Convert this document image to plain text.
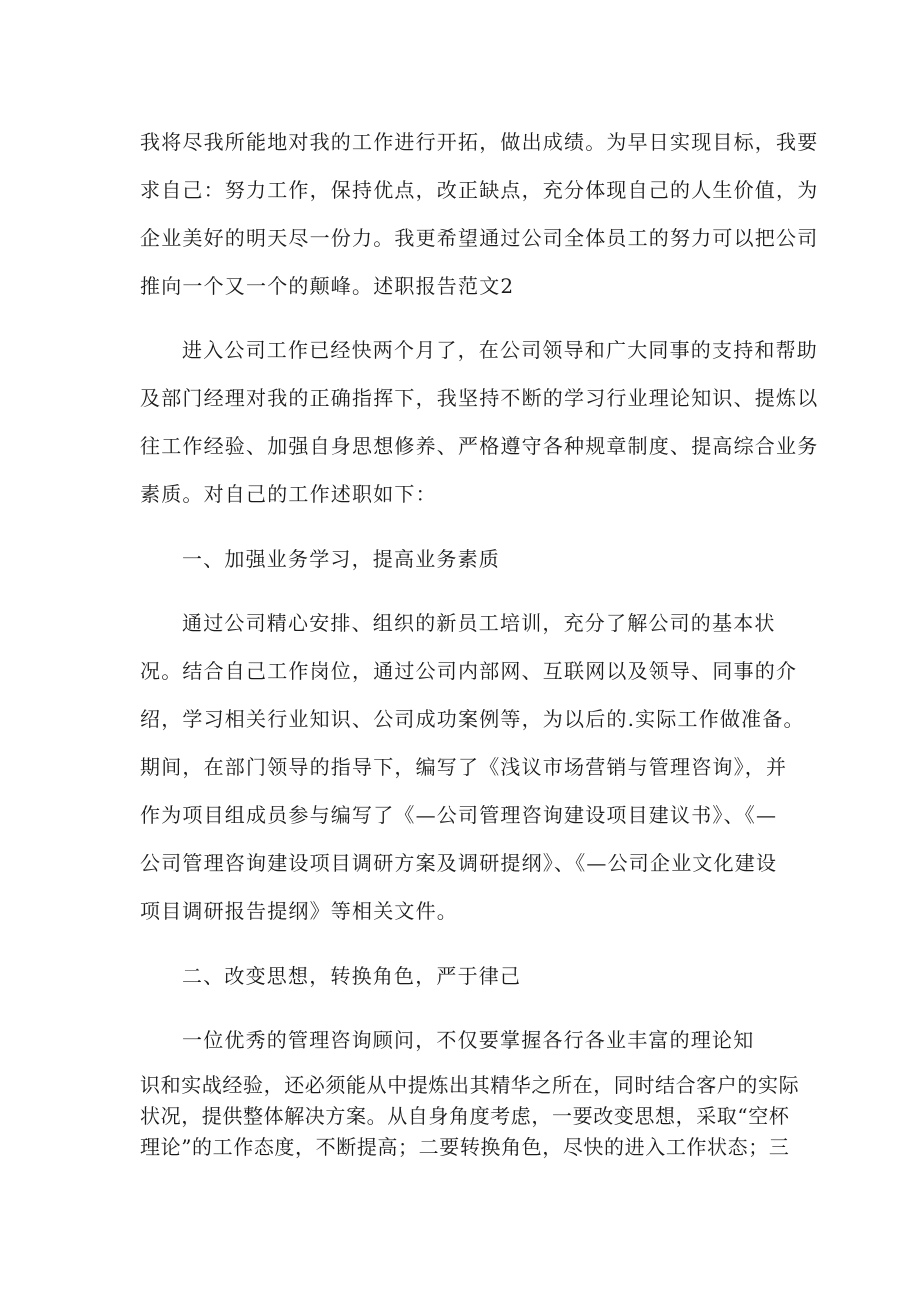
我将尽我所能地对我的工作进行开拓，做出成绩。为早日实现目标，我要

求自己：努力工作，保持优点，改正缺点，充分体现自己的人生价值，为

企业美好的明天尽一份力。我更希望通过公司全体员工的努力可以把公司

推向一个又一个的颠峰。述职报告范文2

进入公司工作已经快两个月了，在公司领导和广大同事的支持和帮助

及部门经理对我的正确指挥下，我坚持不断的学习行业理论知识、提炼以

往工作经验、加强自身思想修养、严格遵守各种规章制度、提高综合业务

素质。对自己的工作述职如下：

一、加强业务学习，提高业务素质

通过公司精心安排、组织的新员工培训，充分了解公司的基本状

况。结合自己工作岗位，通过公司内部网、互联网以及领导、同事的介

绍，学习相关行业知识、公司成功案例等，为以后的.实际工作做准备。

期间，在部门领导的指导下，编写了《浅议市场营销与管理咨询》，并

作为项目组成员参与编写了《—公司管理咨询建设项目建议书》、《—

公司管理咨询建设项目调研方案及调研提纲》、《—公司企业文化建设

项目调研报告提纲》等相关文件。

二、改变思想，转换角色，严于律己

一位优秀的管理咨询顾问，不仅要掌握各行各业丰富的理论知

识和实战经验，还必须能从中提炼出其精华之所在，同时结合客户的实际

状况，提供整体解决方案。从自身角度考虑，一要改变思想，采取“空杯

理论”的工作态度，不断提高；二要转换角色，尽快的进入工作状态；三
